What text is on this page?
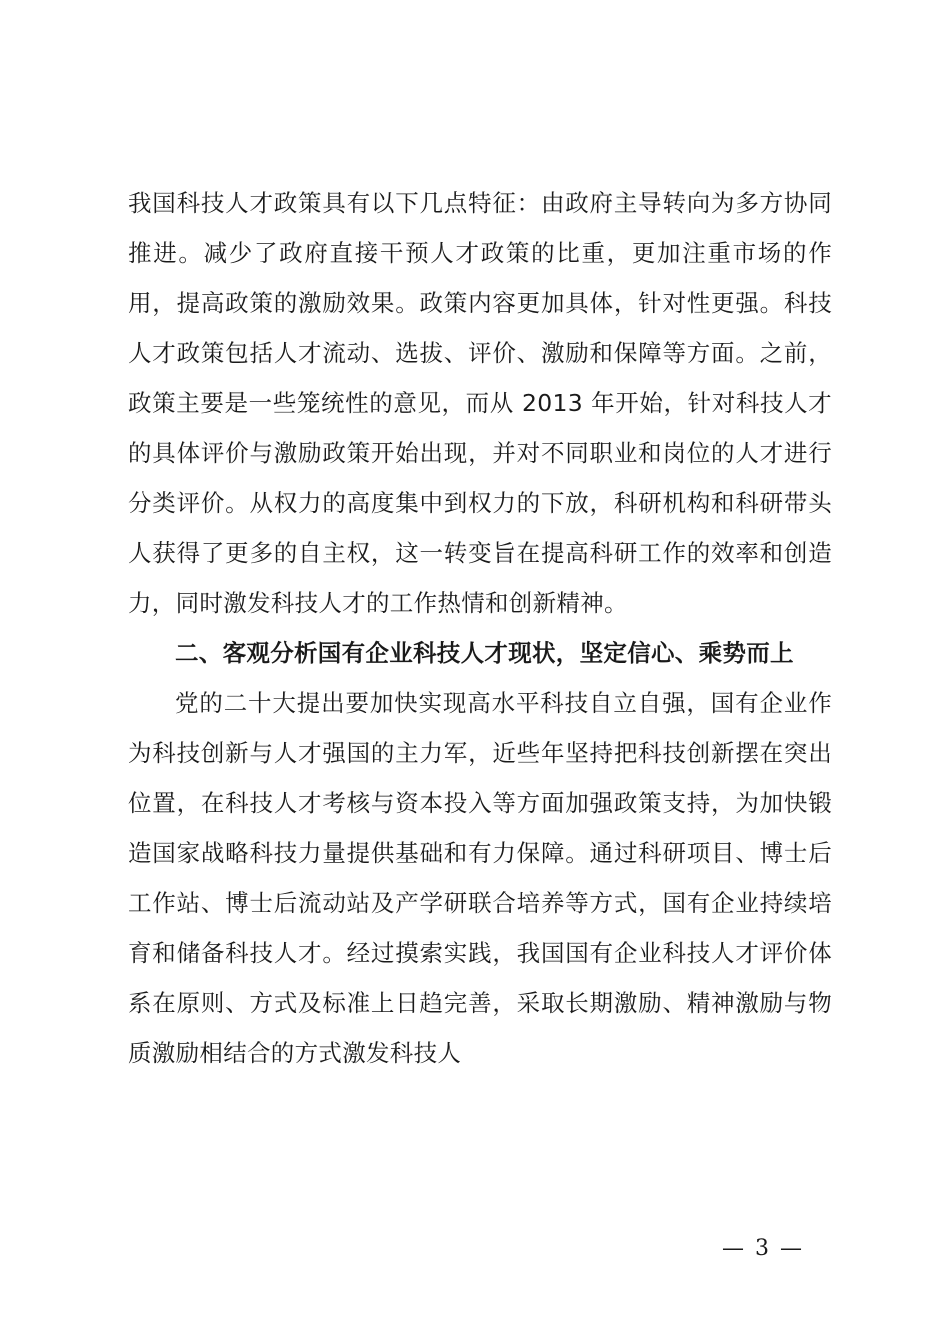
我国科技人才政策具有以下几点特征：由政府主导转向为多方协同推进。减少了政府直接干预人才政策的比重，更加注重市场的作用，提高政策的激励效果。政策内容更加具体，针对性更强。科技人才政策包括人才流动、选拔、评价、激励和保障等方面。之前，政策主要是一些笼统性的意见，而从 2013 年开始，针对科技人才的具体评价与激励政策开始出现，并对不同职业和岗位的人才进行分类评价。从权力的高度集中到权力的下放，科研机构和科研带头人获得了更多的自主权，这一转变旨在提高科研工作的效率和创造力，同时激发科技人才的工作热情和创新精神。

二、客观分析国有企业科技人才现状，坚定信心、乘势而上

党的二十大提出要加快实现高水平科技自立自强，国有企业作为科技创新与人才强国的主力军，近些年坚持把科技创新摆在突出位置，在科技人才考核与资本投入等方面加强政策支持，为加快锻造国家战略科技力量提供基础和有力保障。通过科研项目、博士后工作站、博士后流动站及产学研联合培养等方式，国有企业持续培育和储备科技人才。经过摸索实践，我国国有企业科技人才评价体系在原则、方式及标准上日趋完善，采取长期激励、精神激励与物质激励相结合的方式激发科技人

— 3 —
